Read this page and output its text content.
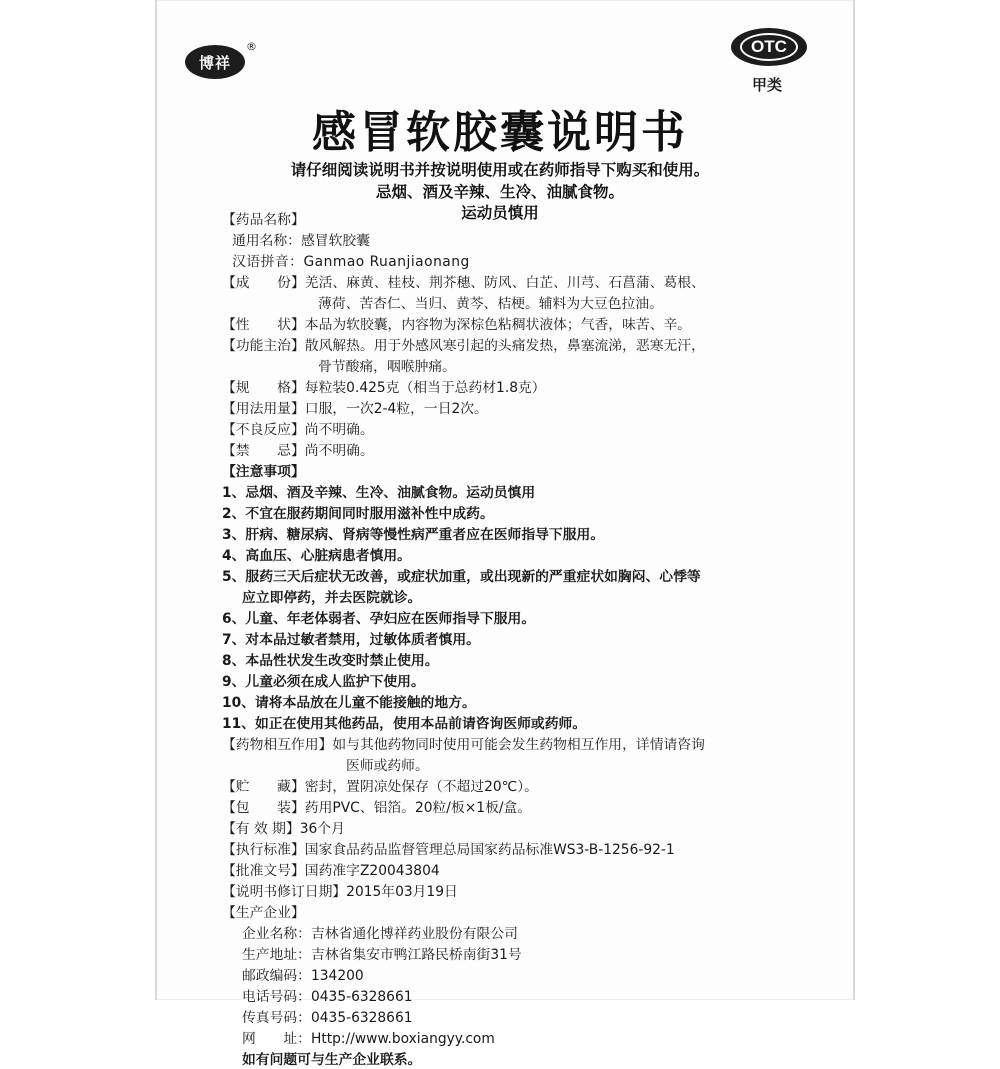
博祥
®	OTC
甲类
感冒软胶囊说明书
请仔细阅读说明书并按说明使用或在药师指导下购买和使用。
忌烟、酒及辛辣、生冷、油腻食物。
运动员慎用
【药品名称】
通用名称：感冒软胶囊
汉语拼音：Ganmao Ruanjiaonang
【成　　份】羌活、麻黄、桂枝、荆芥穗、防风、白芷、川芎、石菖蒲、葛根、
薄荷、苦杏仁、当归、黄芩、桔梗。辅料为大豆色拉油。
【性　　状】本品为软胶囊，内容物为深棕色粘稠状液体；气香，味苦、辛。
【功能主治】散风解热。用于外感风寒引起的头痛发热，鼻塞流涕，恶寒无汗，
骨节酸痛，咽喉肿痛。
【规　　格】每粒装0.425克（相当于总药材1.8克）
【用法用量】口服，一次2-4粒，一日2次。
【不良反应】尚不明确。
【禁　　忌】尚不明确。
【注意事项】
1、忌烟、酒及辛辣、生冷、油腻食物。运动员慎用
2、不宜在服药期间同时服用滋补性中成药。
3、肝病、糖尿病、肾病等慢性病严重者应在医师指导下服用。
4、高血压、心脏病患者慎用。
5、服药三天后症状无改善，或症状加重，或出现新的严重症状如胸闷、心悸等
应立即停药，并去医院就诊。
6、儿童、年老体弱者、孕妇应在医师指导下服用。
7、对本品过敏者禁用，过敏体质者慎用。
8、本品性状发生改变时禁止使用。
9、儿童必须在成人监护下使用。
10、请将本品放在儿童不能接触的地方。
11、如正在使用其他药品，使用本品前请咨询医师或药师。
【药物相互作用】如与其他药物同时使用可能会发生药物相互作用，详情请咨询
医师或药师。
【贮　　藏】密封，置阴凉处保存（不超过20℃）。
【包　　装】药用PVC、铝箔。20粒/板×1板/盒。
【有 效 期】36个月
【执行标准】国家食品药品监督管理总局国家药品标准WS3-B-1256-92-1
【批准文号】国药准字Z20043804
【说明书修订日期】2015年03月19日
【生产企业】
企业名称：吉林省通化博祥药业股份有限公司
生产地址：吉林省集安市鸭江路民桥南街31号
邮政编码：134200
电话号码：0435-6328661
传真号码：0435-6328661
网　　址：Http://www.boxiangyy.com
如有问题可与生产企业联系。
